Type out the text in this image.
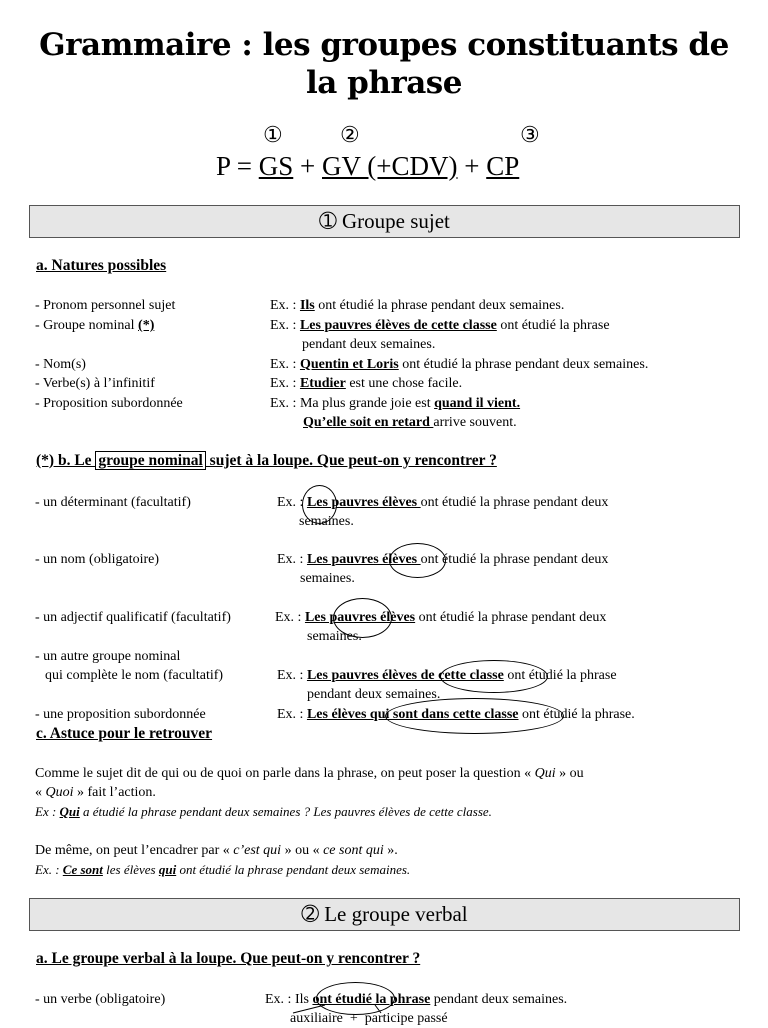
Grammaire : les groupes constituants de
la phrase
①	②	③
P = GS + GV (+CDV) + CP
➀ Groupe sujet
a. Natures possibles
- Pronom personnel sujet	Ex. : Ils ont étudié la phrase pendant deux semaines.
- Groupe nominal (*)	Ex. : Les pauvres élèves de cette classe ont étudié la phrase
pendant deux semaines.
- Nom(s)	Ex. : Quentin et Loris ont étudié la phrase pendant deux semaines.
- Verbe(s) à l’infinitif	Ex. : Etudier est une chose facile.
- Proposition subordonnée	Ex. : Ma plus grande joie est quand il vient.
Qu’elle soit en retard arrive souvent.
(*) b. Le groupe nominal sujet à la loupe. Que peut-on y rencontrer ?
- un déterminant (facultatif)	Ex. : Les pauvres élèves ont étudié la phrase pendant deux
semaines.
- un nom (obligatoire)	Ex. : Les pauvres élèves ont étudié la phrase pendant deux
semaines.
- un adjectif qualificatif (facultatif)	Ex. : Les pauvres élèves ont étudié la phrase pendant deux
semaines.
- un autre groupe nominal
qui complète le nom (facultatif)	Ex. : Les pauvres élèves de cette classe ont étudié la phrase
pendant deux semaines.
- une proposition subordonnée	Ex. : Les élèves qui sont dans cette classe ont étudié la phrase.
c. Astuce pour le retrouver
Comme le sujet dit de qui ou de quoi on parle dans la phrase, on peut poser la question « Qui » ou
« Quoi » fait l’action.
Ex : Qui a étudié la phrase pendant deux semaines ? Les pauvres élèves de cette classe.
De même, on peut l’encadrer par « c’est qui » ou « ce sont qui ».
Ex. : Ce sont les élèves qui ont étudié la phrase pendant deux semaines.
➁ Le groupe verbal
a. Le groupe verbal à la loupe. Que peut-on y rencontrer ?
- un verbe (obligatoire)	Ex. : Ils ont étudié la phrase pendant deux semaines.
auxiliaire + participe passé
